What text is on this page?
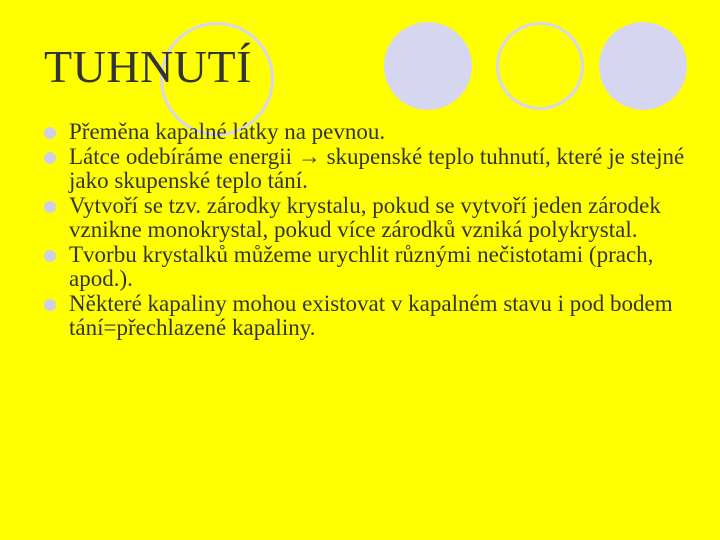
TUHNUTÍ
Přeměna kapalné látky na pevnou.
Látce odebíráme energii → skupenské teplo tuhnutí, které je stejné jako skupenské teplo tání.
Vytvoří se tzv. zárodky krystalu, pokud se vytvoří jeden zárodek vznikne monokrystal, pokud více zárodků vzniká polykrystal.
Tvorbu krystalků můžeme urychlit různými nečistotami (prach, apod.).
Některé kapaliny mohou existovat v kapalném stavu i pod bodem tání=přechlazené kapaliny.
